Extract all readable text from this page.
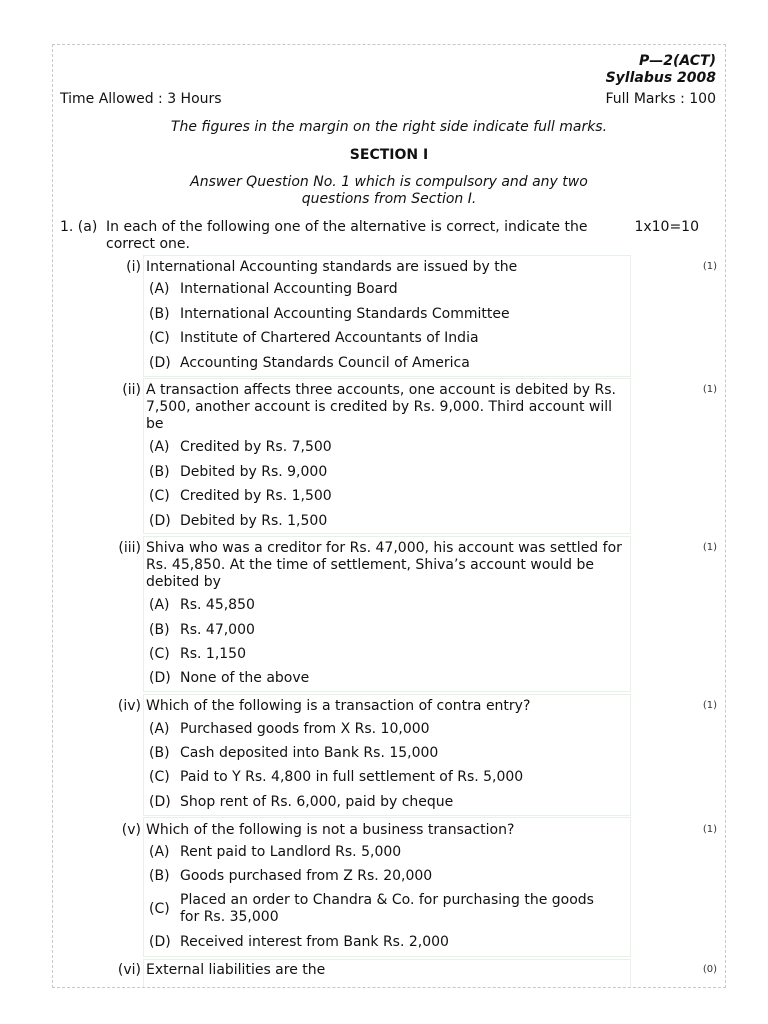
P—2(ACT)
Syllabus 2008
Time Allowed : 3 Hours	Full Marks : 100
The figures in the margin on the right side indicate full marks.
SECTION I
Answer Question No. 1 which is compulsory and any two questions from Section I.
1. (a) In each of the following one of the alternative is correct, indicate the correct one.
1x10=10
(i) International Accounting standards are issued by the	(1)
(A) International Accounting Board
(B) International Accounting Standards Committee
(C) Institute of Chartered Accountants of India
(D) Accounting Standards Council of America
(ii) A transaction affects three accounts, one account is debited by Rs. 7,500, another account is credited by Rs. 9,000. Third account will be
(1)
(A) Credited by Rs. 7,500
(B) Debited by Rs. 9,000
(C) Credited by Rs. 1,500
(D) Debited by Rs. 1,500
(iii) Shiva who was a creditor for Rs. 47,000, his account was settled for Rs. 45,850. At the time of settlement, Shiva’s account would be debited by
(1)
(A) Rs. 45,850
(B) Rs. 47,000
(C) Rs. 1,150
(D) None of the above
(iv) Which of the following is a transaction of contra entry?	(1)
(A) Purchased goods from X Rs. 10,000
(B) Cash deposited into Bank Rs. 15,000
(C) Paid to Y Rs. 4,800 in full settlement of Rs. 5,000
(D) Shop rent of Rs. 6,000, paid by cheque
(v) Which of the following is not a business transaction?	(1)
(A) Rent paid to Landlord Rs. 5,000
(B) Goods purchased from Z Rs. 20,000
(C)
Placed an order to Chandra & Co. for purchasing the goods for Rs. 35,000
(D) Received interest from Bank Rs. 2,000
(vi) External liabilities are the	(0)
